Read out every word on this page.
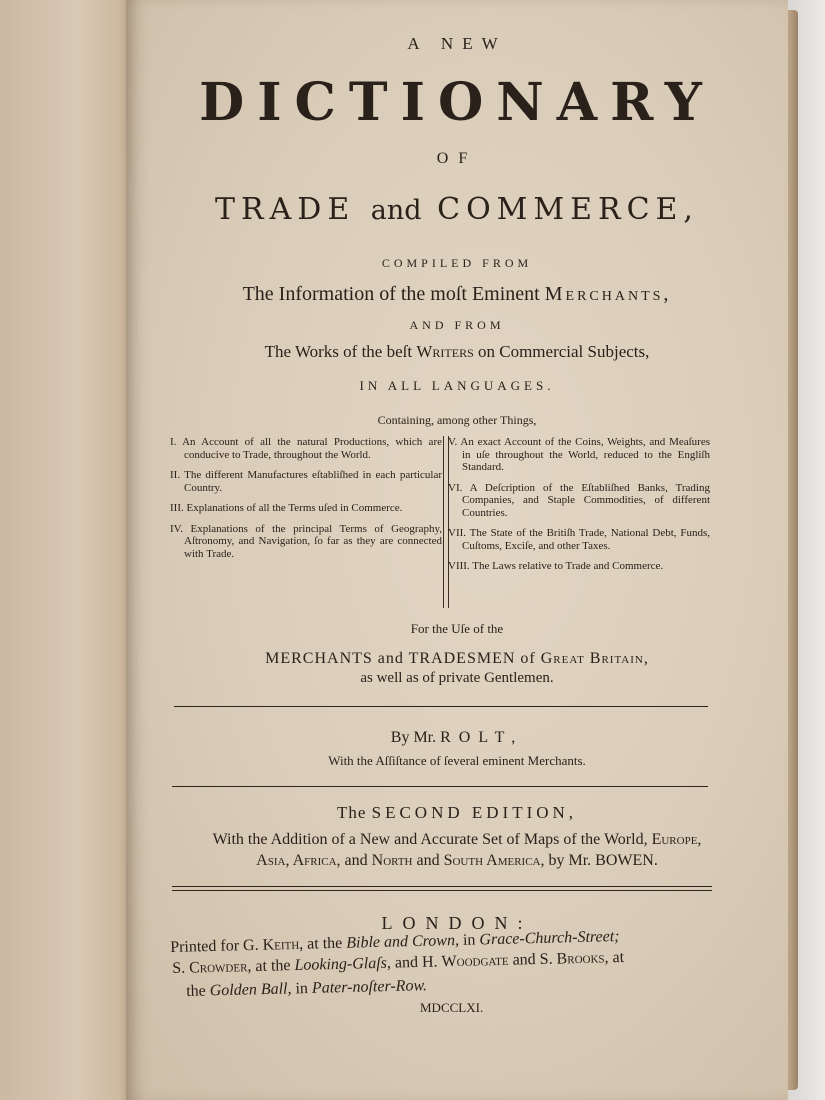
A NEW
DICTIONARY
OF
TRADE and COMMERCE,
COMPILED FROM
The Information of the moſt Eminent Merchants,
AND FROM
The Works of the beſt Writers on Commercial Subjects,
IN ALL LANGUAGES.
Containing, among other Things,

I. An Account of all the natural Productions, which are conducive to Trade, throughout the World.

II. The different Manufactures eſtabliſhed in each particular Country.

III. Explanations of all the Terms uſed in Commerce.

IV. Explanations of the principal Terms of Geography, Aſtronomy, and Navigation, ſo far as they are connected with Trade.

V. An exact Account of the Coins, Weights, and Meaſures in uſe throughout the World, reduced to the Engliſh Standard.

VI. A Deſcription of the Eſtabliſhed Banks, Trading Companies, and Staple Commodities, of different Countries.

VII. The State of the Britiſh Trade, National Debt, Funds, Cuſtoms, Exciſe, and other Taxes.

VIII. The Laws relative to Trade and Commerce.

For the Uſe of the
MERCHANTS and TRADESMEN of Great Britain,
as well as of private Gentlemen.
By Mr. ROLT,
With the Aſſiſtance of ſeveral eminent Merchants.
The SECOND EDITION,
With the Addition of a New and Accurate Set of Maps of the World, Europe,
Asia, Africa, and North and South America, by Mr. BOWEN.
LONDON:
Printed for G. Keith, at the Bible and Crown, in Grace-Church-Street;
S. Crowder, at the Looking-Glaſs, and H. Woodgate and S. Brooks, at
the Golden Ball, in Pater-noſter-Row.
MDCCLXI.
